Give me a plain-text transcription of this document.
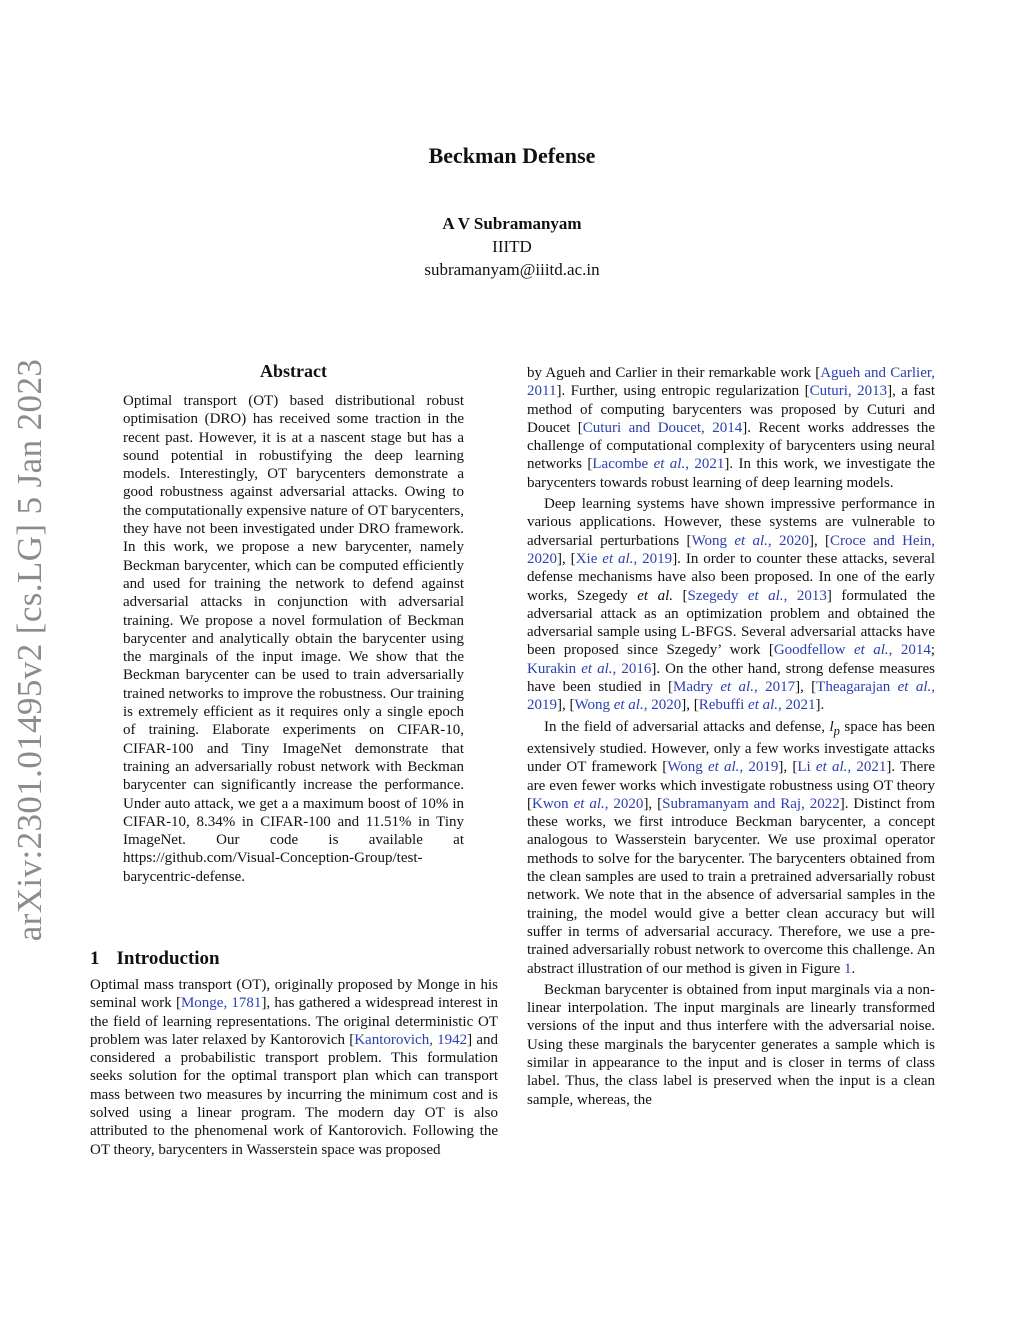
arXiv:2301.01495v2 [cs.LG] 5 Jan 2023
Beckman Defense
A V Subramanyam
IIITD
subramanyam@iiitd.ac.in
Abstract

Optimal transport (OT) based distributional robust optimisation (DRO) has received some traction in the recent past. However, it is at a nascent stage but has a sound potential in robustifying the deep learning models. Interestingly, OT barycenters demonstrate a good robustness against adversarial attacks. Owing to the computationally expensive nature of OT barycenters, they have not been investigated under DRO framework. In this work, we propose a new barycenter, namely Beckman barycenter, which can be computed efficiently and used for training the network to defend against adversarial attacks in conjunction with adversarial training. We propose a novel formulation of Beckman barycenter and analytically obtain the barycenter using the marginals of the input image. We show that the Beckman barycenter can be used to train adversarially trained networks to improve the robustness. Our training is extremely efficient as it requires only a single epoch of training. Elaborate experiments on CIFAR-10, CIFAR-100 and Tiny ImageNet demonstrate that training an adversarially robust network with Beckman barycenter can significantly increase the performance. Under auto attack, we get a a maximum boost of 10% in CIFAR-10, 8.34% in CIFAR-100 and 11.51% in Tiny ImageNet. Our code is available at https://github.com/Visual-Conception-Group/test-barycentric-defense.

1 Introduction

Optimal mass transport (OT), originally proposed by Monge in his seminal work [Monge, 1781], has gathered a widespread interest in the field of learning representations. The original deterministic OT problem was later relaxed by Kantorovich [Kantorovich, 1942] and considered a probabilistic transport problem. This formulation seeks solution for the optimal transport plan which can transport mass between two measures by incurring the minimum cost and is solved using a linear program. The modern day OT is also attributed to the phenomenal work of Kantorovich. Following the OT theory, barycenters in Wasserstein space was proposed

by Agueh and Carlier in their remarkable work [Agueh and Carlier, 2011]. Further, using entropic regularization [Cuturi, 2013], a fast method of computing barycenters was proposed by Cuturi and Doucet [Cuturi and Doucet, 2014]. Recent works addresses the challenge of computational complexity of barycenters using neural networks [Lacombe et al., 2021]. In this work, we investigate the barycenters towards robust learning of deep learning models.

Deep learning systems have shown impressive performance in various applications. However, these systems are vulnerable to adversarial perturbations [Wong et al., 2020], [Croce and Hein, 2020], [Xie et al., 2019]. In order to counter these attacks, several defense mechanisms have also been proposed. In one of the early works, Szegedy et al. [Szegedy et al., 2013] formulated the adversarial attack as an optimization problem and obtained the adversarial sample using L-BFGS. Several adversarial attacks have been proposed since Szegedy’ work [Goodfellow et al., 2014; Kurakin et al., 2016]. On the other hand, strong defense measures have been studied in [Madry et al., 2017], [Theagarajan et al., 2019], [Wong et al., 2020], [Rebuffi et al., 2021].

In the field of adversarial attacks and defense, $l_p$ space has been extensively studied. However, only a few works investigate attacks under OT framework [Wong et al., 2019], [Li et al., 2021]. There are even fewer works which investigate robustness using OT theory [Kwon et al., 2020], [Subramanyam and Raj, 2022]. Distinct from these works, we first introduce Beckman barycenter, a concept analogous to Wasserstein barycenter. We use proximal operator methods to solve for the barycenter. The barycenters obtained from the clean samples are used to train a pretrained adversarially robust network. We note that in the absence of adversarial samples in the training, the model would give a better clean accuracy but will suffer in terms of adversarial accuracy. Therefore, we use a pre-trained adversarially robust network to overcome this challenge. An abstract illustration of our method is given in Figure 1.

Beckman barycenter is obtained from input marginals via a non-linear interpolation. The input marginals are linearly transformed versions of the input and thus interfere with the adversarial noise. Using these marginals the barycenter generates a sample which is similar in appearance to the input and is closer in terms of class label. Thus, the class label is preserved when the input is a clean sample, whereas, the
